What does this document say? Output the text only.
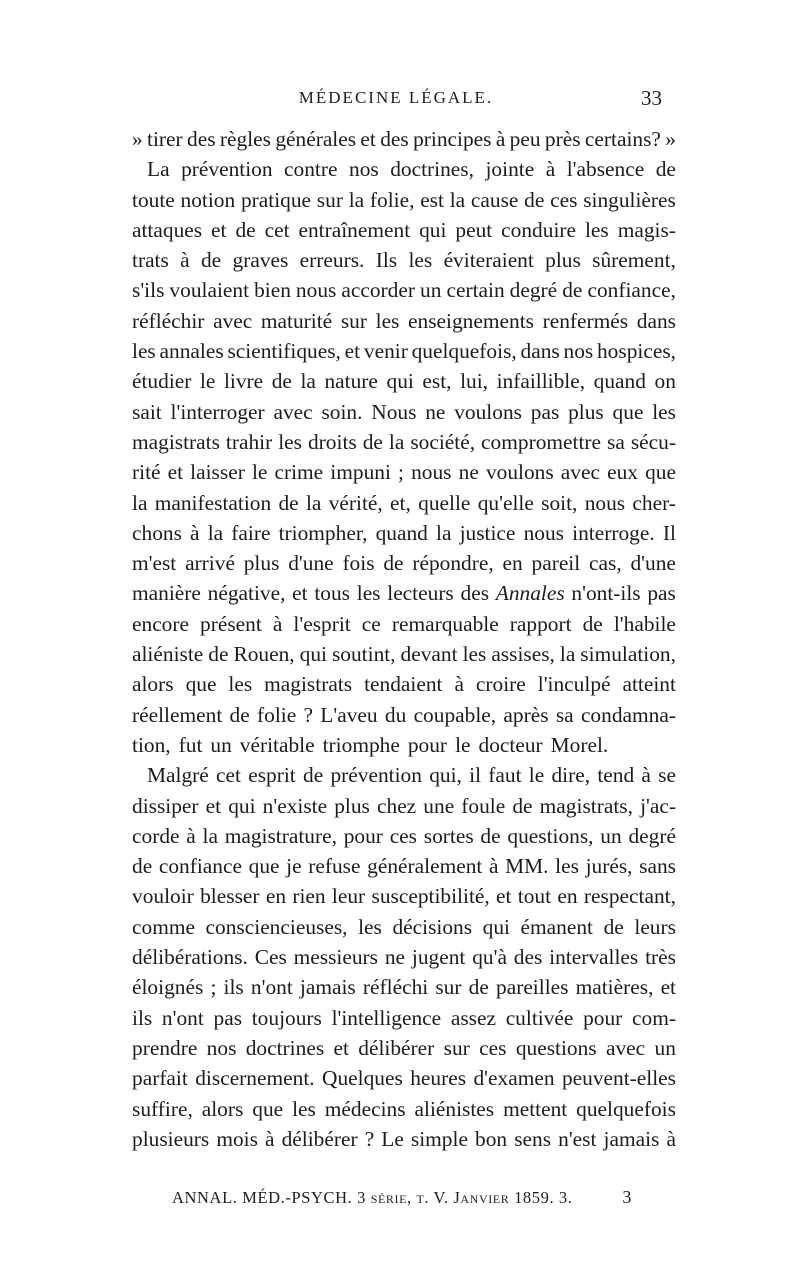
MÉDECINE LÉGALE.	33
» tirer des règles générales et des principes à peu près certains? »
La prévention contre nos doctrines, jointe à l'absence de
toute notion pratique sur la folie, est la cause de ces singulières
attaques et de cet entraînement qui peut conduire les magis-
trats à de graves erreurs. Ils les éviteraient plus sûrement,
s'ils voulaient bien nous accorder un certain degré de confiance,
réfléchir avec maturité sur les enseignements renfermés dans
les annales scientifiques, et venir quelquefois, dans nos hospices,
étudier le livre de la nature qui est, lui, infaillible, quand on
sait l'interroger avec soin. Nous ne voulons pas plus que les
magistrats trahir les droits de la société, compromettre sa sécu-
rité et laisser le crime impuni ; nous ne voulons avec eux que
la manifestation de la vérité, et, quelle qu'elle soit, nous cher-
chons à la faire triompher, quand la justice nous interroge. Il
m'est arrivé plus d'une fois de répondre, en pareil cas, d'une
manière négative, et tous les lecteurs des Annales n'ont-ils pas
encore présent à l'esprit ce remarquable rapport de l'habile
aliéniste de Rouen, qui soutint, devant les assises, la simulation,
alors que les magistrats tendaient à croire l'inculpé atteint
réellement de folie ? L'aveu du coupable, après sa condamna-
tion, fut un véritable triomphe pour le docteur Morel.
Malgré cet esprit de prévention qui, il faut le dire, tend à se
dissiper et qui n'existe plus chez une foule de magistrats, j'ac-
corde à la magistrature, pour ces sortes de questions, un degré
de confiance que je refuse généralement à MM. les jurés, sans
vouloir blesser en rien leur susceptibilité, et tout en respectant,
comme consciencieuses, les décisions qui émanent de leurs
délibérations. Ces messieurs ne jugent qu'à des intervalles très
éloignés ; ils n'ont jamais réfléchi sur de pareilles matières, et
ils n'ont pas toujours l'intelligence assez cultivée pour com-
prendre nos doctrines et délibérer sur ces questions avec un
parfait discernement. Quelques heures d'examen peuvent-elles
suffire, alors que les médecins aliénistes mettent quelquefois
plusieurs mois à délibérer ? Le simple bon sens n'est jamais à
ANNAL. MÉD.-PSYCH. 3 série, t. V. Janvier 1859. 3.	3
